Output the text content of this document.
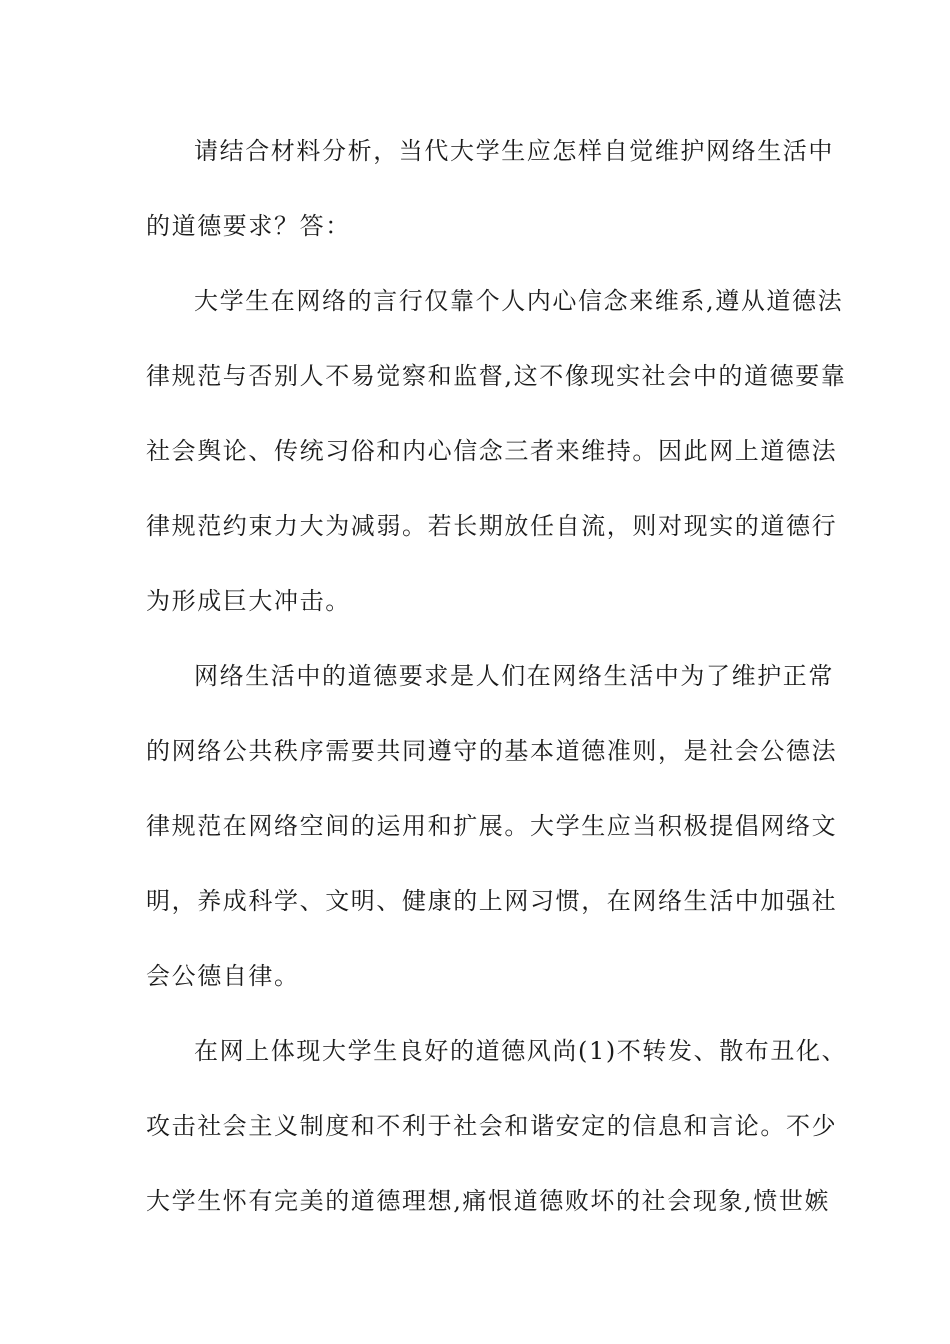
请结合材料分析，当代大学生应怎样自觉维护网络生活中
的道德要求？答：
大学生在网络的言行仅靠个人内心信念来维系,遵从道德法
律规范与否别人不易觉察和监督,这不像现实社会中的道德要靠
社会舆论、传统习俗和内心信念三者来维持。因此网上道德法
律规范约束力大为减弱。若长期放任自流，则对现实的道德行
为形成巨大冲击。
网络生活中的道德要求是人们在网络生活中为了维护正常
的网络公共秩序需要共同遵守的基本道德准则，是社会公德法
律规范在网络空间的运用和扩展。大学生应当积极提倡网络文
明，养成科学、文明、健康的上网习惯，在网络生活中加强社
会公德自律。
在网上体现大学生良好的道德风尚(1)不转发、散布丑化、
攻击社会主义制度和不利于社会和谐安定的信息和言论。不少
大学生怀有完美的道德理想,痛恨道德败坏的社会现象,愤世嫉
